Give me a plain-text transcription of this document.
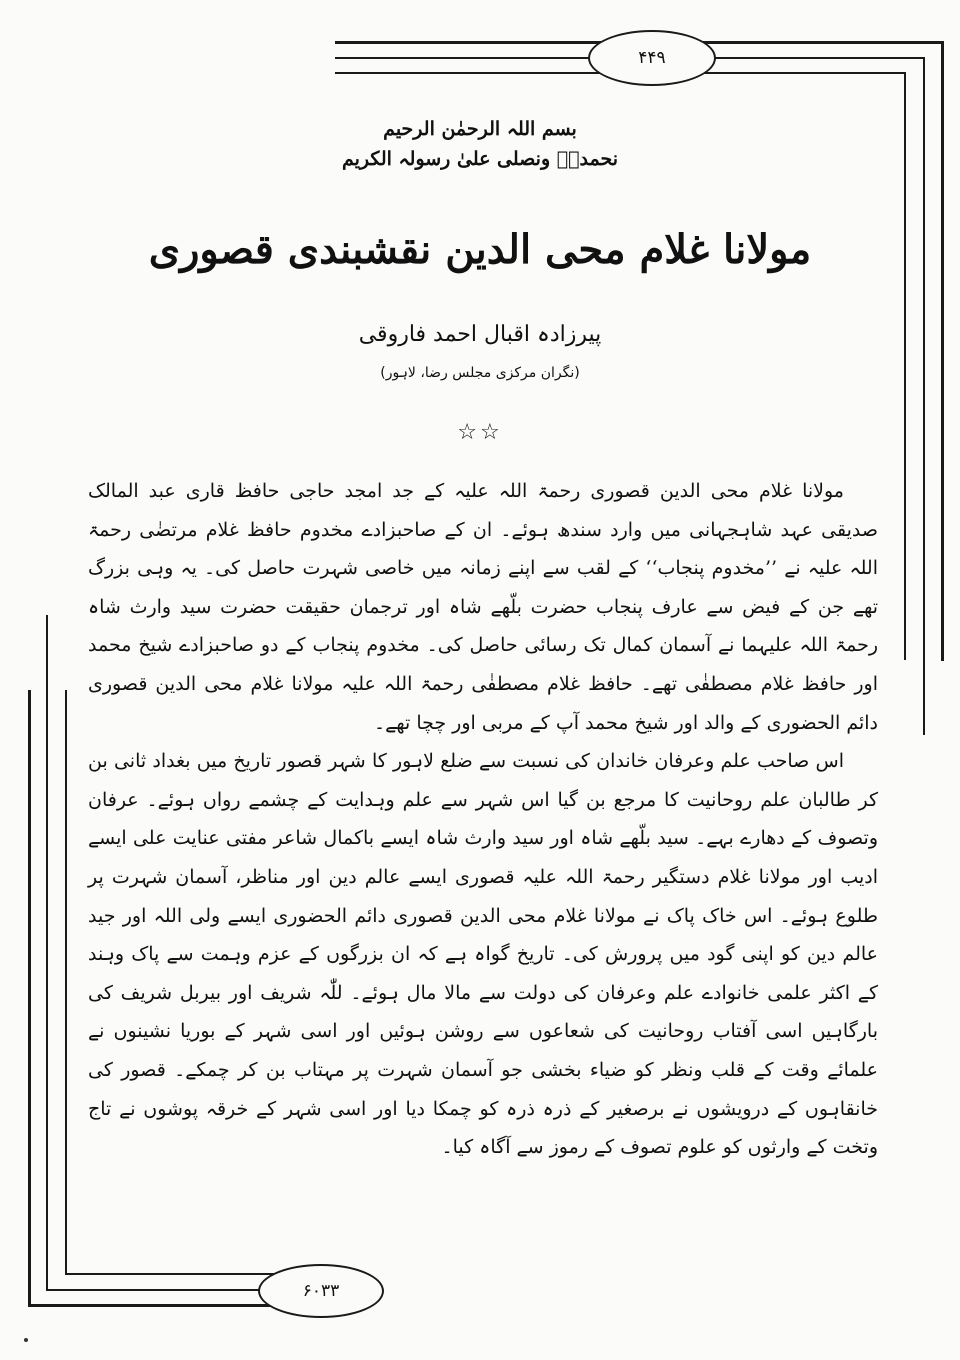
۴۴۹
۶۰۳۳
بسم اللہ الرحمٰن الرحیم
نحمدہٗ ونصلی علیٰ رسولہ الکریم
مولانا غلام محی الدین نقشبندی قصوری
پیرزادہ اقبال احمد فاروقی
(نگران مرکزی مجلس رضا، لاہور)
☆☆

مولانا غلام محی الدین قصوری رحمۃ اللہ علیہ کے جد امجد حاجی حافظ قاری عبد المالک صدیقی عہد شاہجہانی میں وارد سندھ ہوئے۔ ان کے صاحبزادے مخدوم حافظ غلام مرتضٰی رحمۃ اللہ علیہ نے ’’مخدوم پنجاب‘‘ کے لقب سے اپنے زمانہ میں خاصی شہرت حاصل کی۔ یہ وہی بزرگ تھے جن کے فیض سے عارف پنجاب حضرت بلّھے شاہ اور ترجمان حقیقت حضرت سید وارث شاہ رحمۃ اللہ علیہما نے آسمان کمال تک رسائی حاصل کی۔ مخدوم پنجاب کے دو صاحبزادے شیخ محمد اور حافظ غلام مصطفٰی تھے۔ حافظ غلام مصطفٰی رحمۃ اللہ علیہ مولانا غلام محی الدین قصوری دائم الحضوری کے والد اور شیخ محمد آپ کے مربی اور چچا تھے۔

اس صاحب علم وعرفان خاندان کی نسبت سے ضلع لاہور کا شہر قصور تاریخ میں بغداد ثانی بن کر طالبان علم روحانیت کا مرجع بن گیا اس شہر سے علم وہدایت کے چشمے رواں ہوئے۔ عرفان وتصوف کے دھارے بہے۔ سید بلّھے شاہ اور سید وارث شاہ ایسے باکمال شاعر مفتی عنایت علی ایسے ادیب اور مولانا غلام دستگیر رحمۃ اللہ علیہ قصوری ایسے عالم دین اور مناظر، آسمان شہرت پر طلوع ہوئے۔ اس خاک پاک نے مولانا غلام محی الدین قصوری دائم الحضوری ایسے ولی اللہ اور جید عالم دین کو اپنی گود میں پرورش کی۔ تاریخ گواہ ہے کہ ان بزرگوں کے عزم وہمت سے پاک وہند کے اکثر علمی خانوادے علم وعرفان کی دولت سے مالا مال ہوئے۔ للّٰہ شریف اور بیربل شریف کی بارگاہیں اسی آفتاب روحانیت کی شعاعوں سے روشن ہوئیں اور اسی شہر کے بوریا نشینوں نے علمائے وقت کے قلب ونظر کو ضیاء بخشی جو آسمان شہرت پر مہتاب بن کر چمکے۔ قصور کی خانقاہوں کے درویشوں نے برصغیر کے ذرہ ذرہ کو چمکا دیا اور اسی شہر کے خرقہ پوشوں نے تاج وتخت کے وارثوں کو علوم تصوف کے رموز سے آگاہ کیا۔
